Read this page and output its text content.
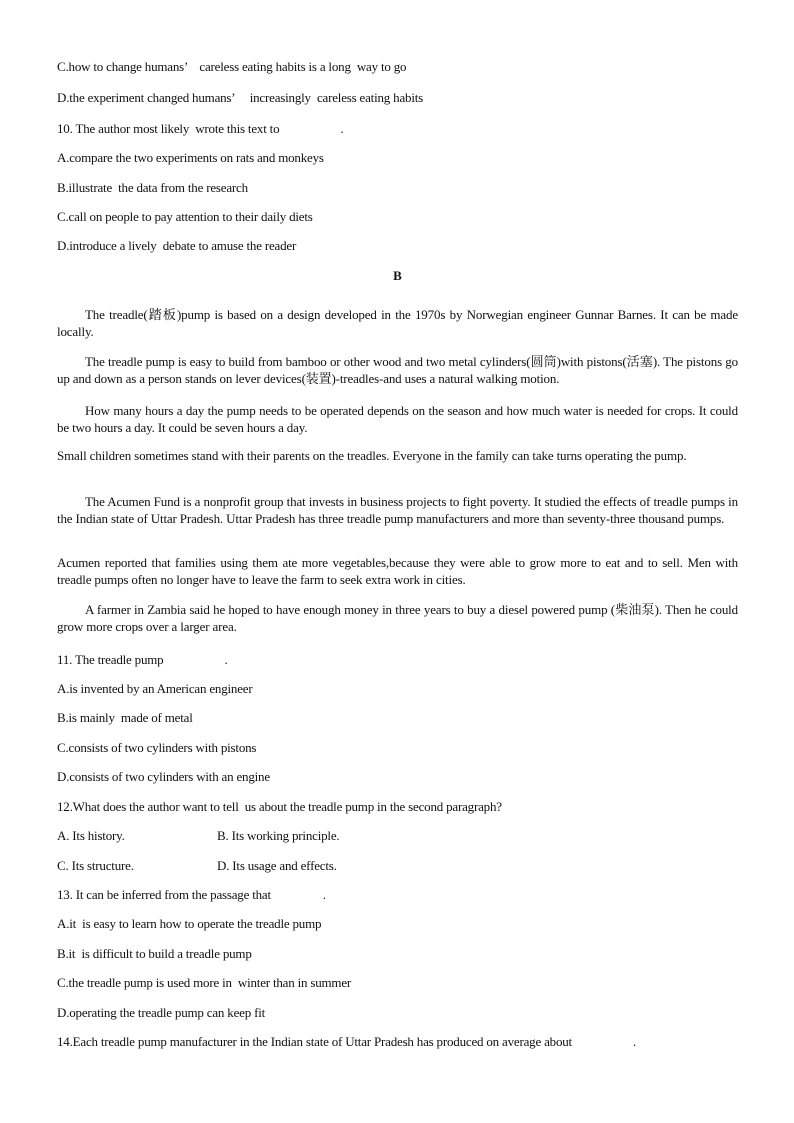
C.how to change humans’    careless eating habits is a long  way to go
D.the experiment changed humans’     increasingly  careless eating habits
10. The author most likely  wrote this text to                    .
A.compare the two experiments on rats and monkeys
B.illustrate  the data from the research
C.call on people to pay attention to their daily diets
D.introduce a lively  debate to amuse the reader
B
The treadle(踏板)pump is based on a design developed in the 1970s by Norwegian engineer Gunnar Barnes. It can be made locally.
The treadle pump is easy to build from bamboo or other wood and two metal cylinders(圆筒)with pistons(活塞). The pistons go up and down as a person stands on lever devices(装置)-treadles-and uses a natural walking motion.
How many hours a day the pump needs to be operated depends on the season and how much water is needed for crops. It could be two hours a day. It could be seven hours a day.
Small children sometimes stand with their parents on the treadles. Everyone in the family can take turns operating the pump.
The Acumen Fund is a nonprofit group that invests in business projects to fight poverty. It studied the effects of treadle pumps in the Indian state of Uttar Pradesh. Uttar Pradesh has three treadle pump manufacturers and more than seventy-three thousand pumps.
Acumen reported that families using them ate more vegetables,because they were able to grow more to eat and to sell. Men with treadle pumps often no longer have to leave the farm to seek extra work in cities.
A farmer in Zambia said he hoped to have enough money in three years to buy a diesel powered pump (柴油泵). Then he could grow more crops over a larger area.
11. The treadle pump                    .
A.is invented by an American engineer
B.is mainly  made of metal
C.consists of two cylinders with pistons
D.consists of two cylinders with an engine
12.What does the author want to tell  us about the treadle pump in the second paragraph?
A. Its history.	B. Its working principle.
C. Its structure.	D. Its usage and effects.
13. It can be inferred from the passage that                 .
A.it  is easy to learn how to operate the treadle pump
B.it  is difficult to build a treadle pump
C.the treadle pump is used more in  winter than in summer
D.operating the treadle pump can keep fit
14.Each treadle pump manufacturer in the Indian state of Uttar Pradesh has produced on average about                    .
